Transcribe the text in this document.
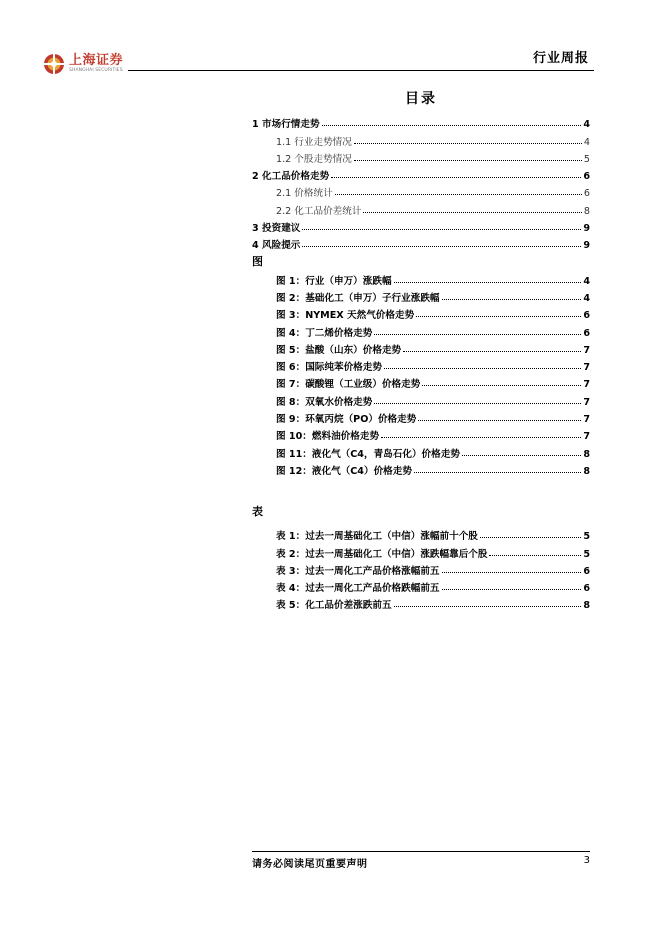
上海证券
SHANGHAI SECURITIES
行业周报
目录
1 市场行情走势	4
1.1 行业走势情况	4
1.2 个股走势情况	5
2 化工品价格走势	6
2.1 价格统计	6
2.2 化工品价差统计	8
3 投资建议	9
4 风险提示	9
图
图 1：行业（申万）涨跌幅	4
图 2：基础化工（申万）子行业涨跌幅	4
图 3：NYMEX 天然气价格走势	6
图 4：丁二烯价格走势	6
图 5：盐酸（山东）价格走势	7
图 6：国际纯苯价格走势	7
图 7：碳酸锂（工业级）价格走势	7
图 8：双氧水价格走势	7
图 9：环氧丙烷（PO）价格走势	7
图 10：燃料油价格走势	7
图 11：液化气（C4，青岛石化）价格走势	8
图 12：液化气（C4）价格走势	8
表
表 1：过去一周基础化工（中信）涨幅前十个股	5
表 2：过去一周基础化工（中信）涨跌幅靠后个股	5
表 3：过去一周化工产品价格涨幅前五	6
表 4：过去一周化工产品价格跌幅前五	6
表 5：化工品价差涨跌前五	8
请务必阅读尾页重要声明	3
